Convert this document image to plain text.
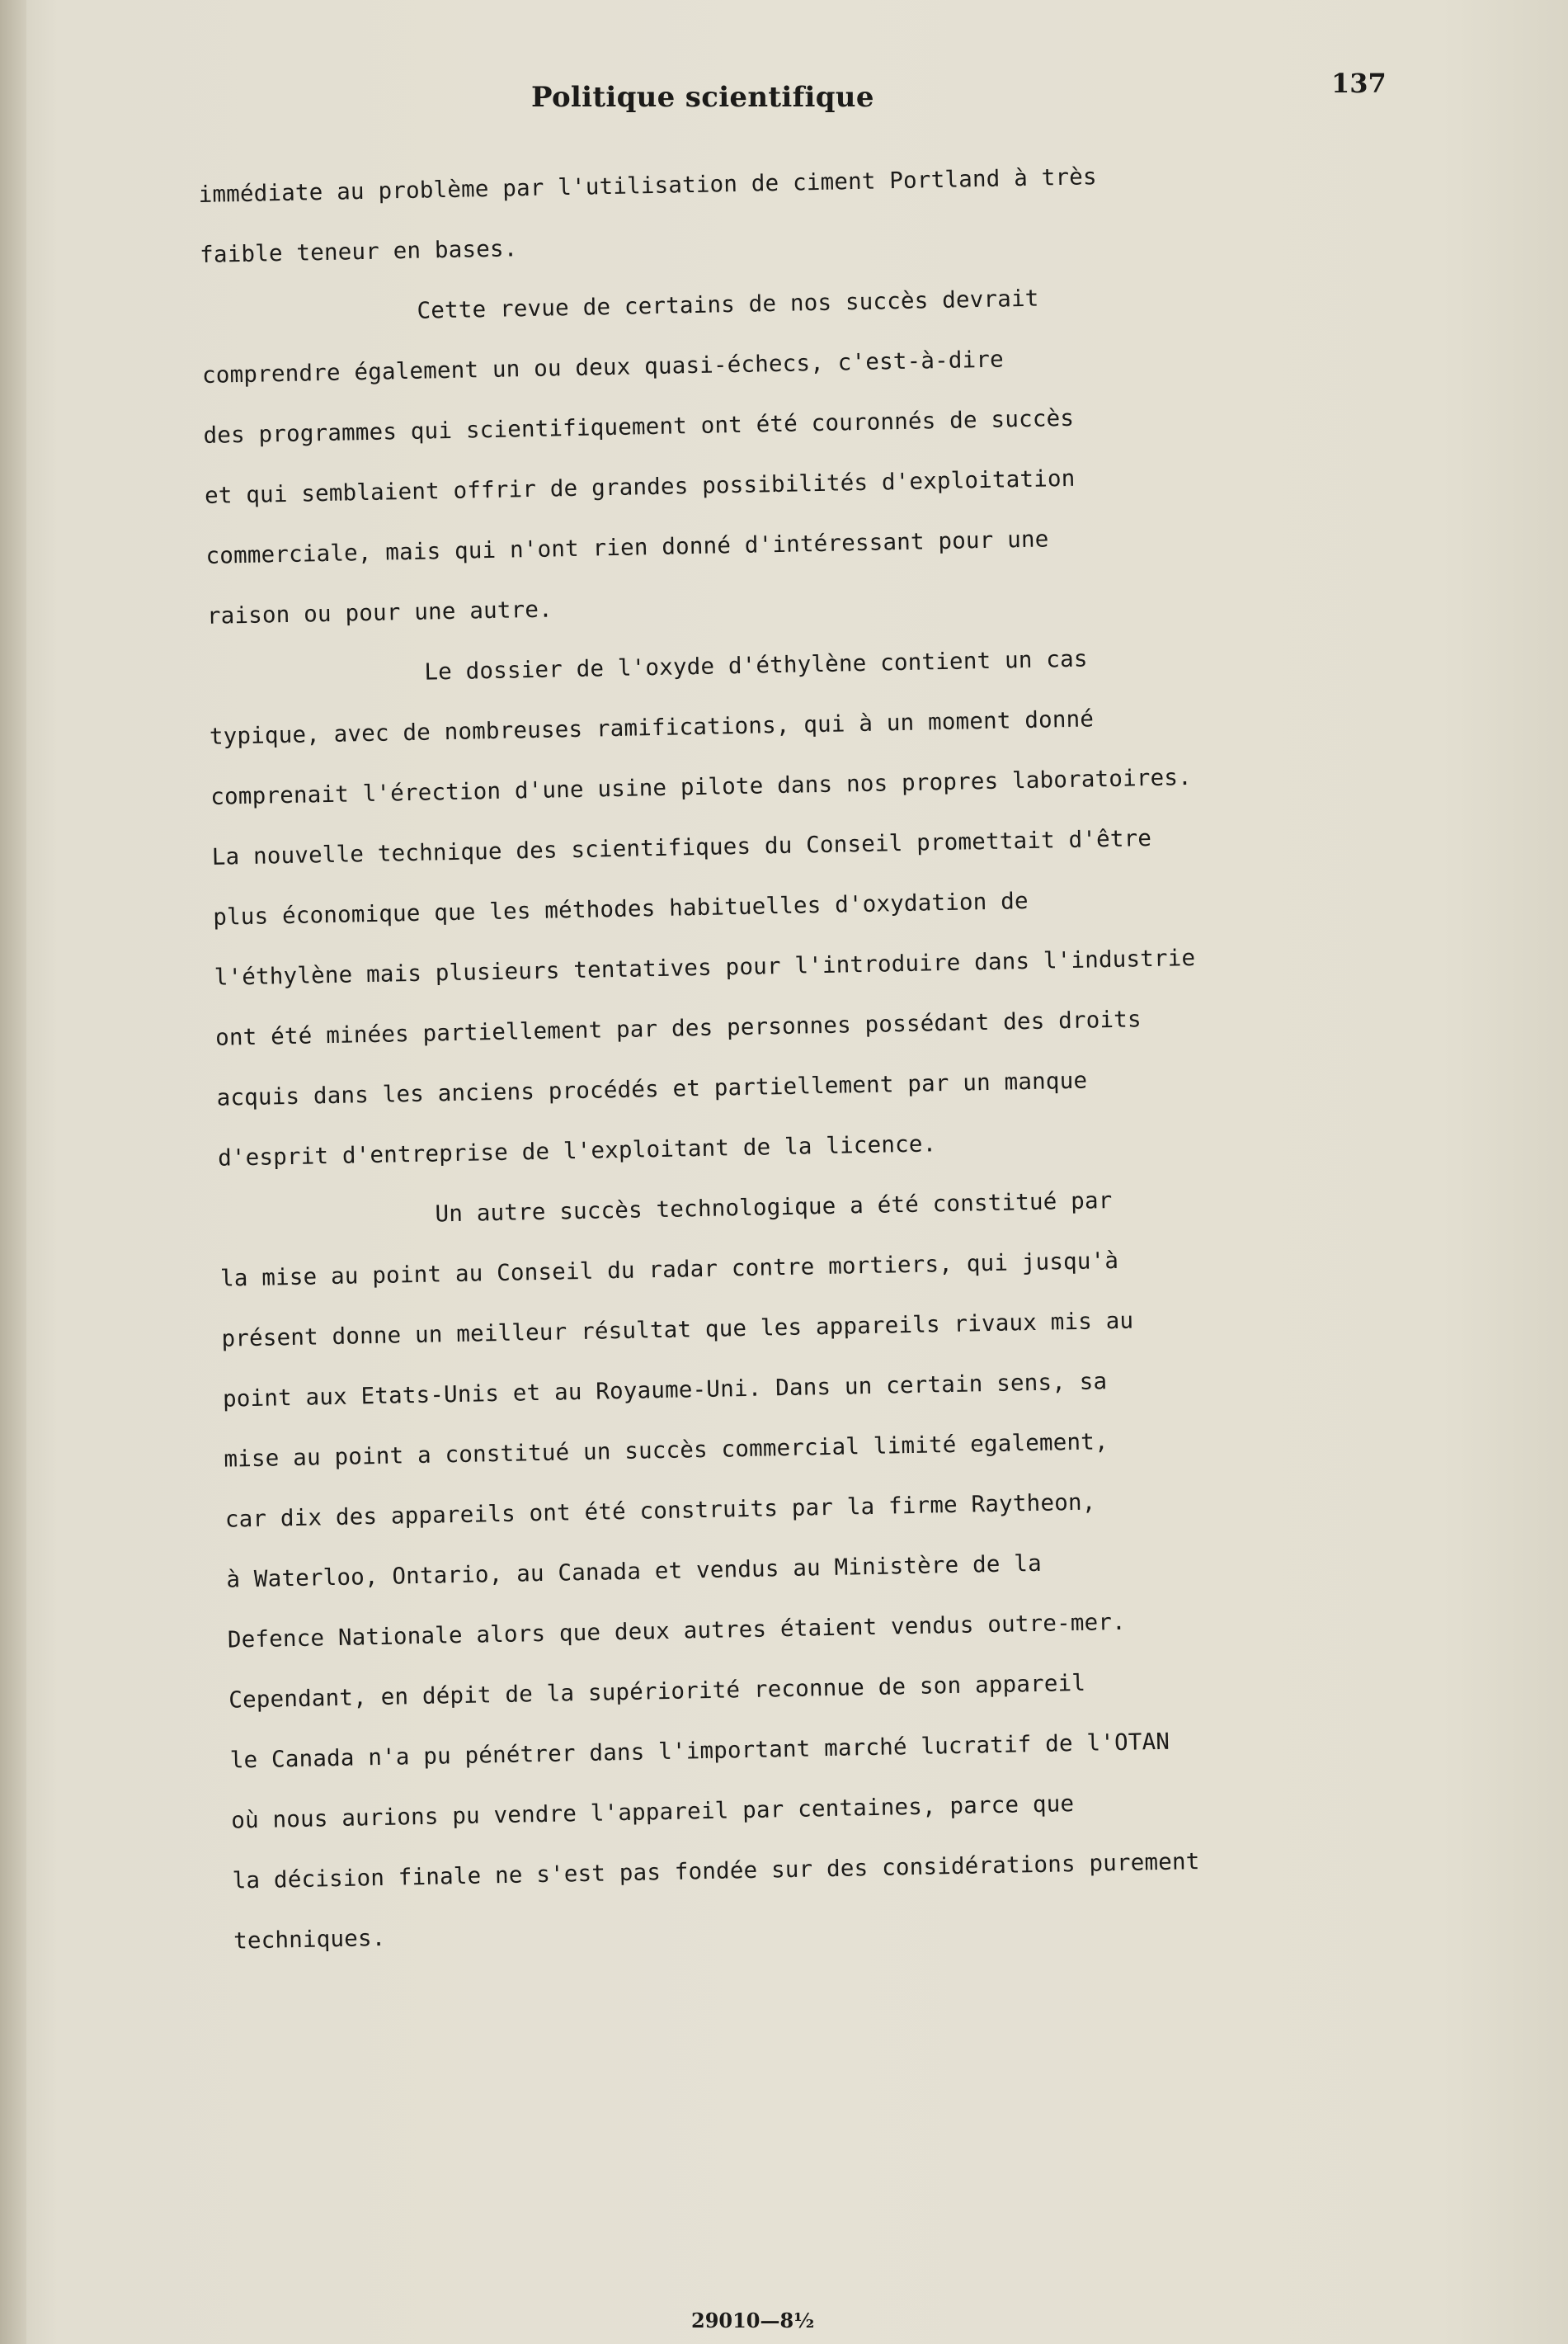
Politique scientifique	137
immédiate au problème par l'utilisation de ciment Portland à très
faible teneur en bases.
Cette revue de certains de nos succès devrait
comprendre également un ou deux quasi-échecs, c'est-à-dire
des programmes qui scientifiquement ont été couronnés de succès
et qui semblaient offrir de grandes possibilités d'exploitation
commerciale, mais qui n'ont rien donné d'intéressant pour une
raison ou pour une autre.
Le dossier de l'oxyde d'éthylène contient un cas
typique, avec de nombreuses ramifications, qui à un moment donné
comprenait l'érection d'une usine pilote dans nos propres laboratoires.
La nouvelle technique des scientifiques du Conseil promettait d'être
plus économique que les méthodes habituelles d'oxydation de
l'éthylène mais plusieurs tentatives pour l'introduire dans l'industrie
ont été minées partiellement par des personnes possédant des droits
acquis dans les anciens procédés et partiellement par un manque
d'esprit d'entreprise de l'exploitant de la licence.
Un autre succès technologique a été constitué par
la mise au point au Conseil du radar contre mortiers, qui jusqu'à
présent donne un meilleur résultat que les appareils rivaux mis au
point aux Etats-Unis et au Royaume-Uni. Dans un certain sens, sa
mise au point a constitué un succès commercial limité egalement,
car dix des appareils ont été construits par la firme Raytheon,
à Waterloo, Ontario, au Canada et vendus au Ministère de la
Defence Nationale alors que deux autres étaient vendus outre-mer.
Cependant, en dépit de la supériorité reconnue de son appareil
le Canada n'a pu pénétrer dans l'important marché lucratif de l'OTAN
où nous aurions pu vendre l'appareil par centaines, parce que
la décision finale ne s'est pas fondée sur des considérations purement
techniques.
29010—8½
